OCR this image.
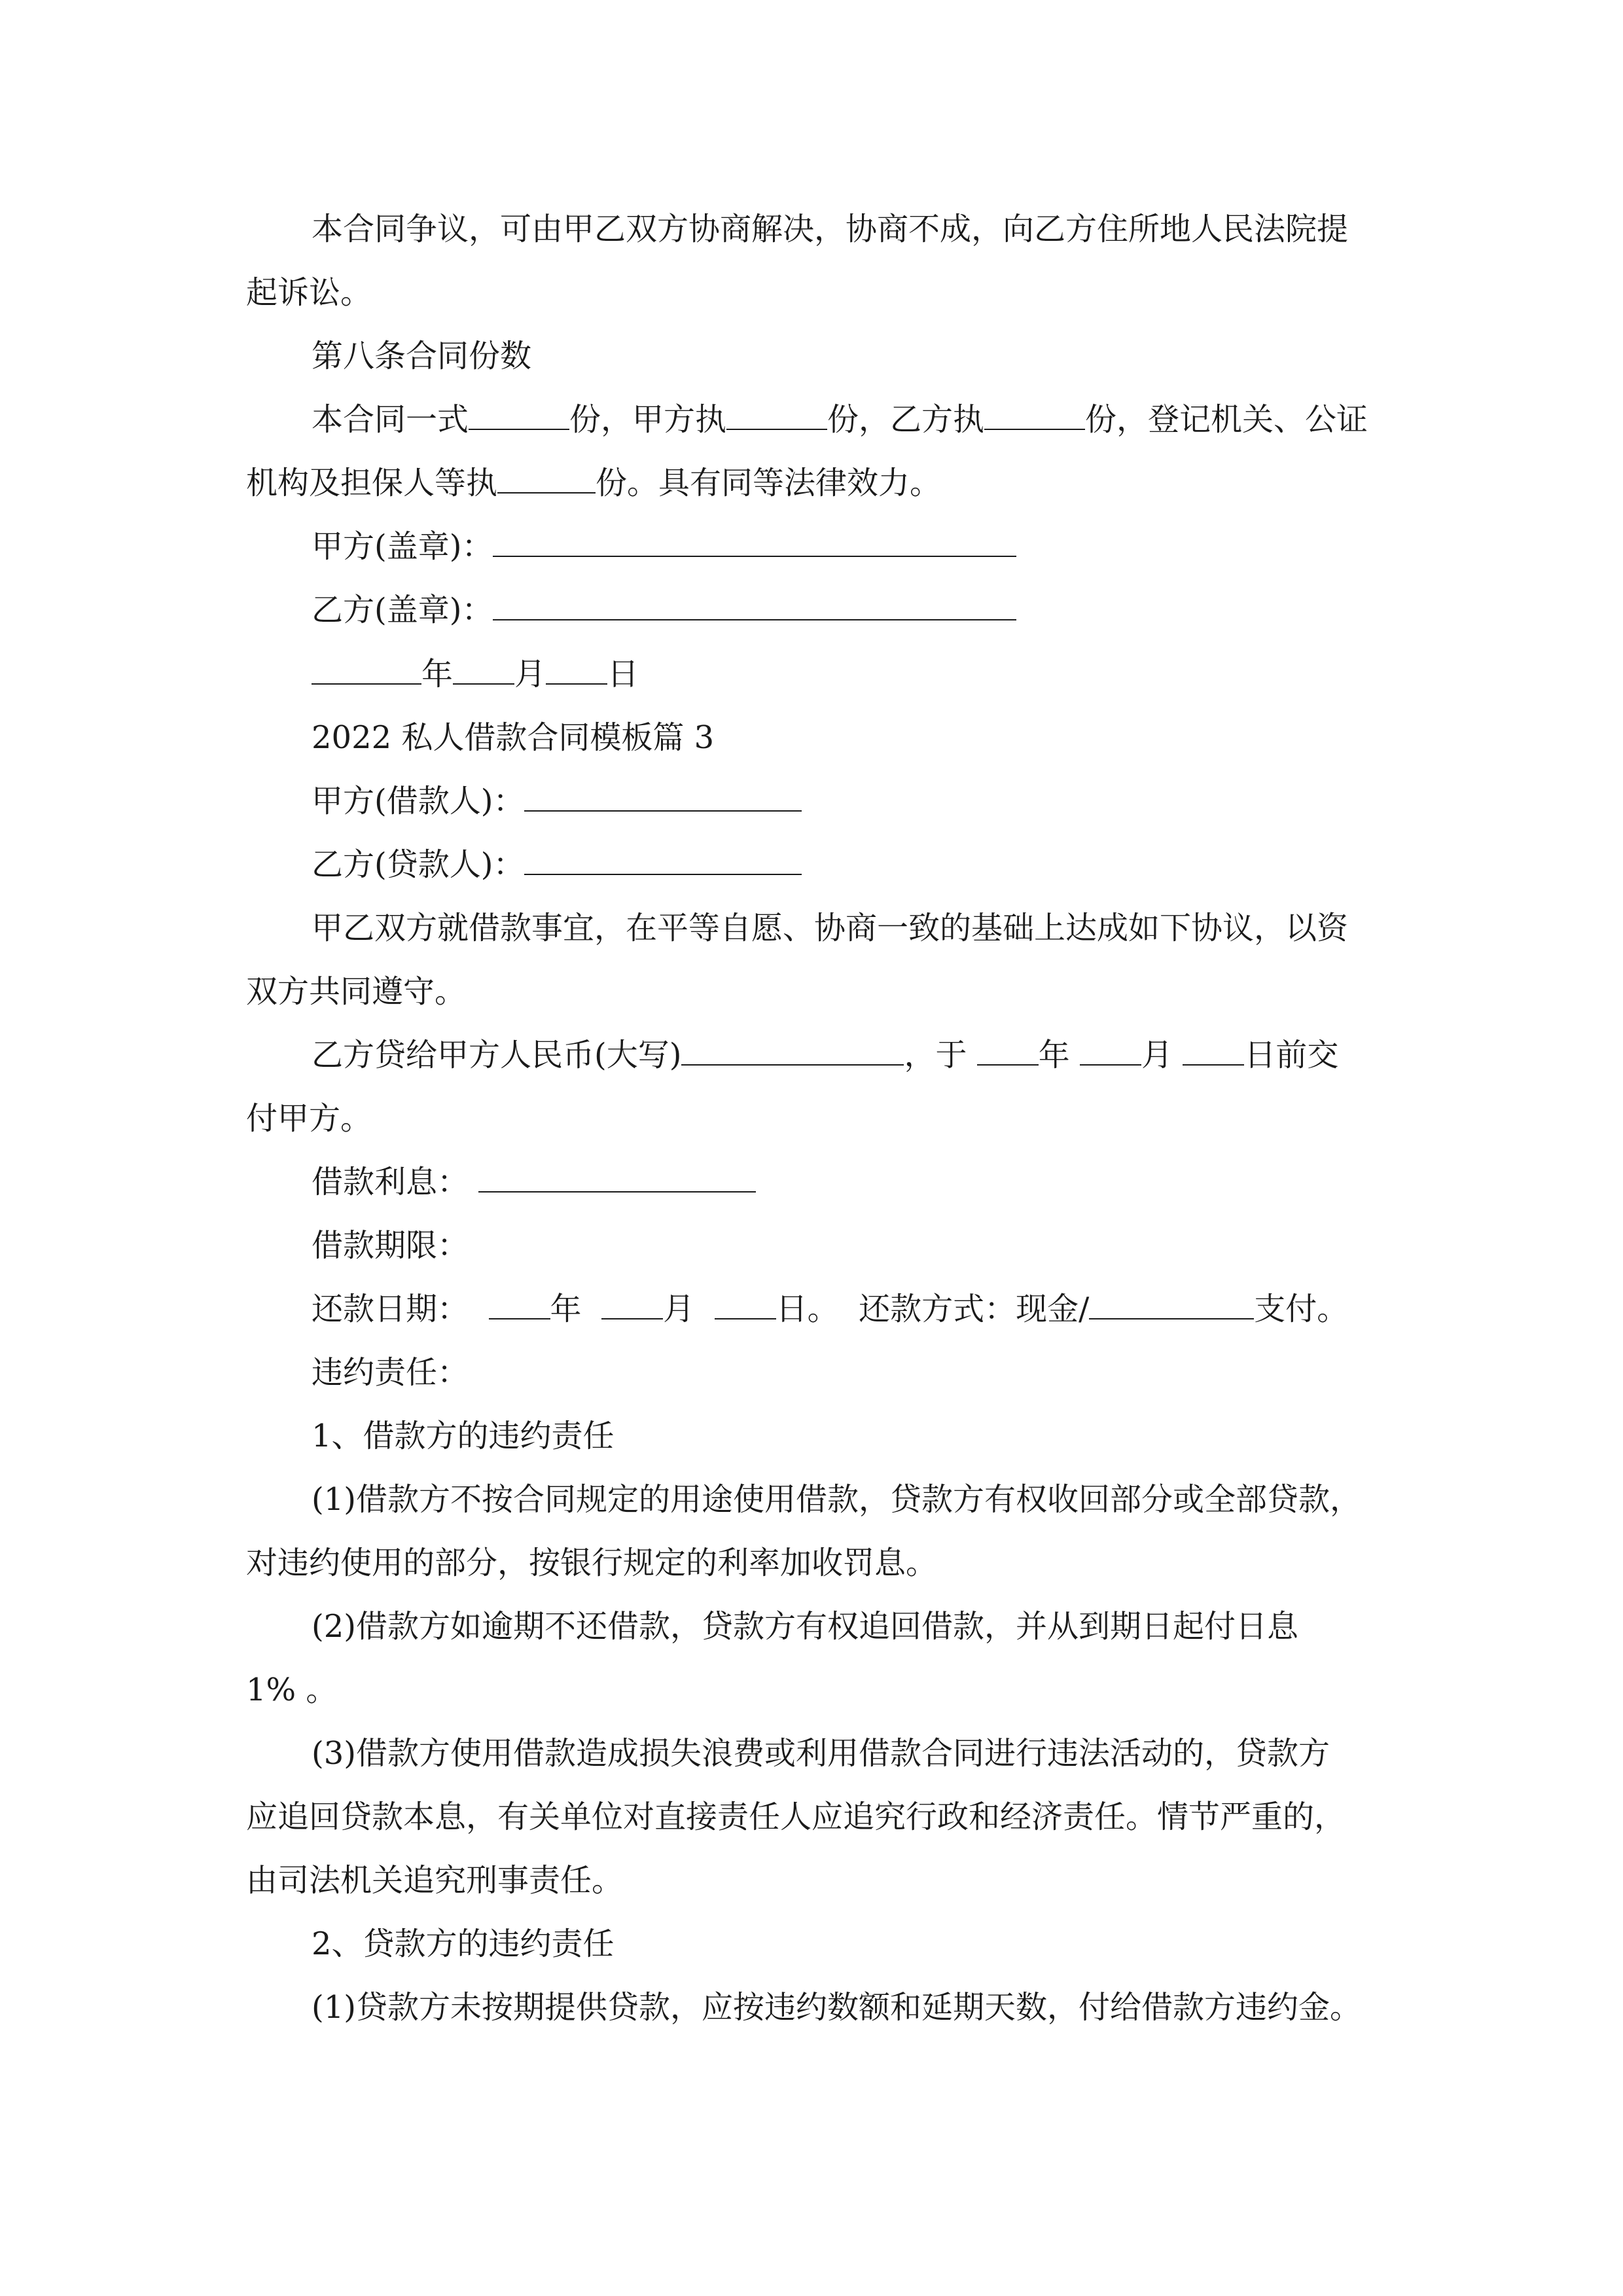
本合同争议，可由甲乙双方协商解决，协商不成，向乙方住所地人民法院提
起诉讼。
第八条合同份数
本合同一式	份，甲方执	份，乙方执	份，登记机关、公证
机构及担保人等执	份。具有同等法律效力。
甲方(盖章)：
乙方(盖章)：
年 月 日
2022 私人借款合同模板篇 3
甲方(借款人)：
乙方(贷款人)：
甲乙双方就借款事宜，在平等自愿、协商一致的基础上达成如下协议，以资
双方共同遵守。
乙方贷给甲方人民币(大写)	，于 年 月 日前交
付甲方。
借款利息：
借款期限：
还款日期：	年	月	日。  还款方式：现金/	支付。
违约责任：
1、借款方的违约责任
(1)借款方不按合同规定的用途使用借款，贷款方有权收回部分或全部贷款，
对违约使用的部分，按银行规定的利率加收罚息。
(2)借款方如逾期不还借款，贷款方有权追回借款，并从到期日起付日息
1% 。
(3)借款方使用借款造成损失浪费或利用借款合同进行违法活动的，贷款方
应追回贷款本息，有关单位对直接责任人应追究行政和经济责任。情节严重的，
由司法机关追究刑事责任。
2、贷款方的违约责任
(1)贷款方未按期提供贷款，应按违约数额和延期天数，付给借款方违约金。
